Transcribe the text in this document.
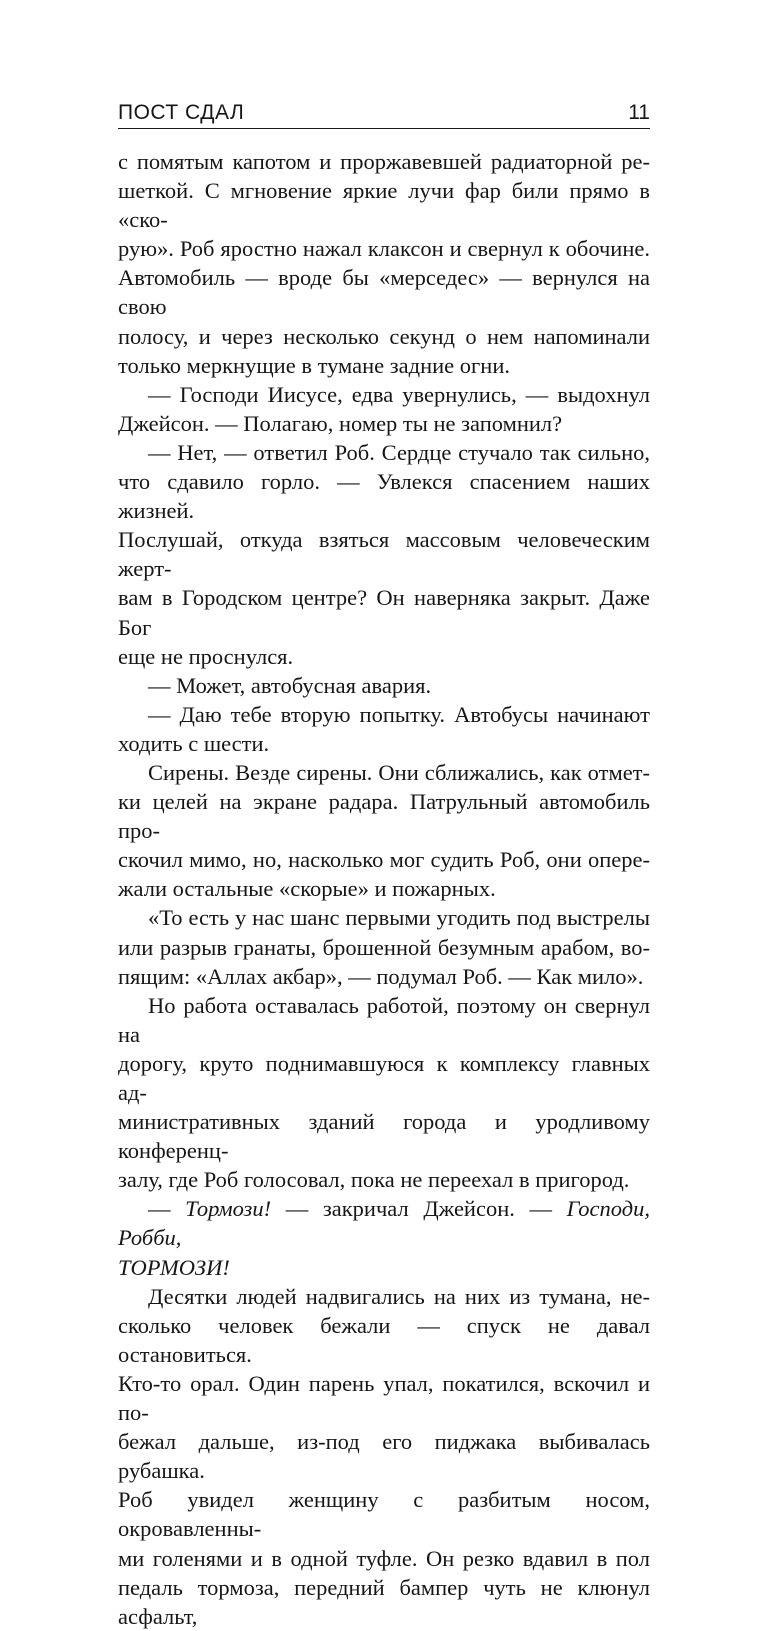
ПОСТ СДАЛ	11

с помятым капотом и проржавевшей радиаторной ре-

шеткой. С мгновение яркие лучи фар били прямо в «ско-

рую». Роб яростно нажал клаксон и свернул к обочине.

Автомобиль — вроде бы «мерседес» — вернулся на свою

полосу, и через несколько секунд о нем напоминали

только меркнущие в тумане задние огни.

— Господи Иисусе, едва увернулись, — выдохнул

Джейсон. — Полагаю, номер ты не запомнил?

— Нет, — ответил Роб. Сердце стучало так сильно,

что сдавило горло. — Увлекся спасением наших жизней.

Послушай, откуда взяться массовым человеческим жерт-

вам в Городском центре? Он наверняка закрыт. Даже Бог

еще не проснулся.

— Может, автобусная авария.

— Даю тебе вторую попытку. Автобусы начинают

ходить с шести.

Сирены. Везде сирены. Они сближались, как отмет-

ки целей на экране радара. Патрульный автомобиль про-

скочил мимо, но, насколько мог судить Роб, они опере-

жали остальные «скорые» и пожарных.

«То есть у нас шанс первыми угодить под выстрелы

или разрыв гранаты, брошенной безумным арабом, во-

пящим: «Аллах акбар», — подумал Роб. — Как мило».

Но работа оставалась работой, поэтому он свернул на

дорогу, круто поднимавшуюся к комплексу главных ад-

министративных зданий города и уродливому конференц-

залу, где Роб голосовал, пока не переехал в пригород.

— Тормози! — закричал Джейсон. — Господи, Робби,

ТОРМОЗИ!

Десятки людей надвигались на них из тумана, не-

сколько человек бежали — спуск не давал остановиться.

Кто-то орал. Один парень упал, покатился, вскочил и по-

бежал дальше, из-под его пиджака выбивалась рубашка.

Роб увидел женщину с разбитым носом, окровавленны-

ми голенями и в одной туфле. Он резко вдавил в пол

педаль тормоза, передний бампер чуть не клюнул асфальт,
